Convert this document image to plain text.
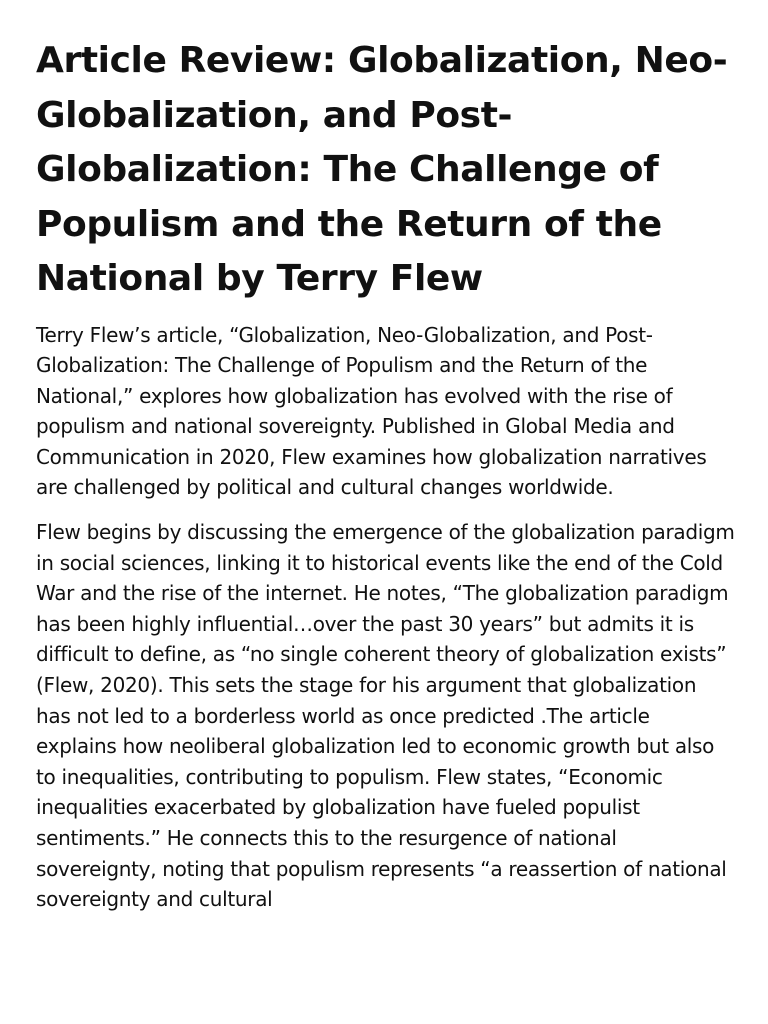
Article Review: Globalization, Neo-Globalization, and Post-Globalization: The Challenge of Populism and the Return of the National by Terry Flew

Terry Flew’s article, “Globalization, Neo-Globalization, and Post-Globalization: The Challenge of Populism and the Return of the National,” explores how globalization has evolved with the rise of populism and national sovereignty. Published in Global Media and Communication in 2020, Flew examines how globalization narratives are challenged by political and cultural changes worldwide.

Flew begins by discussing the emergence of the globalization paradigm in social sciences, linking it to historical events like the end of the Cold War and the rise of the internet. He notes, “The globalization paradigm has been highly influential…over the past 30 years” but admits it is difficult to define, as “no single coherent theory of globalization exists” (Flew, 2020). This sets the stage for his argument that globalization has not led to a borderless world as once predicted .The article explains how neoliberal globalization led to economic growth but also to inequalities, contributing to populism. Flew states, “Economic inequalities exacerbated by globalization have fueled populist sentiments.” He connects this to the resurgence of national sovereignty, noting that populism represents “a reassertion of national sovereignty and cultural
